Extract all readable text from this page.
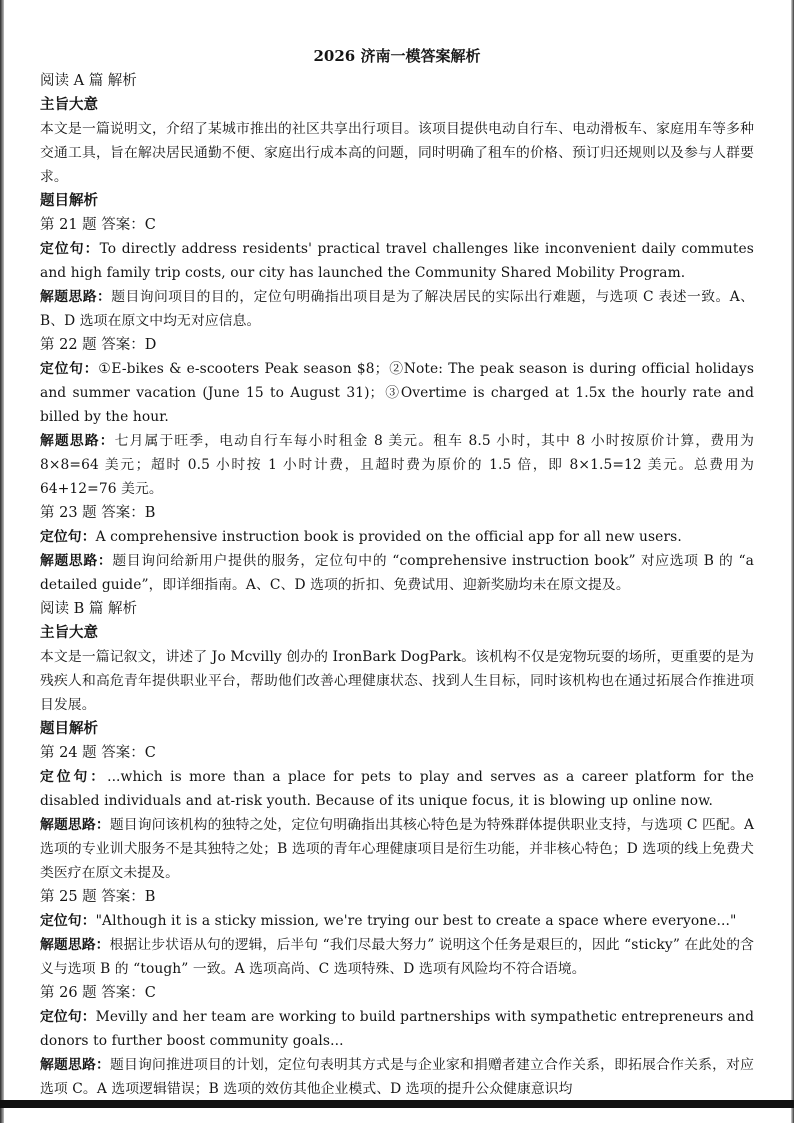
2026 济南一模答案解析
阅读 A 篇 解析
主旨大意

本文是一篇说明文，介绍了某城市推出的社区共享出行项目。该项目提供电动自行车、电动滑板车、家庭用车等多种交通工具，旨在解决居民通勤不便、家庭出行成本高的问题，同时明确了租车的价格、预订归还规则以及参与人群要求。

题目解析
第 21 题 答案：C

定位句：To directly address residents' practical travel challenges like inconvenient daily commutes and high family trip costs, our city has launched the Community Shared Mobility Program.

解题思路：题目询问项目的目的，定位句明确指出项目是为了解决居民的实际出行难题，与选项 C 表述一致。A、B、D 选项在原文中均无对应信息。

第 22 题 答案：D

定位句：①E-bikes & e-scooters Peak season $8；②Note: The peak season is during official holidays and summer vacation (June 15 to August 31)；③Overtime is charged at 1.5x the hourly rate and billed by the hour.

解题思路：七月属于旺季，电动自行车每小时租金 8 美元。租车 8.5 小时，其中 8 小时按原价计算，费用为 8×8=64 美元；超时 0.5 小时按 1 小时计费，且超时费为原价的 1.5 倍，即 8×1.5=12 美元。总费用为 64+12=76 美元。

第 23 题 答案：B

定位句：A comprehensive instruction book is provided on the official app for all new users.

解题思路：题目询问给新用户提供的服务，定位句中的 “comprehensive instruction book” 对应选项 B 的 “a detailed guide”，即详细指南。A、C、D 选项的折扣、免费试用、迎新奖励均未在原文提及。

阅读 B 篇 解析
主旨大意

本文是一篇记叙文，讲述了 Jo Mcvilly 创办的 IronBark DogPark。该机构不仅是宠物玩耍的场所，更重要的是为残疾人和高危青年提供职业平台，帮助他们改善心理健康状态、找到人生目标，同时该机构也在通过拓展合作推进项目发展。

题目解析
第 24 题 答案：C

定位句：...which is more than a place for pets to play and serves as a career platform for the disabled individuals and at-risk youth. Because of its unique focus, it is blowing up online now.

解题思路：题目询问该机构的独特之处，定位句明确指出其核心特色是为特殊群体提供职业支持，与选项 C 匹配。A 选项的专业训犬服务不是其独特之处；B 选项的青年心理健康项目是衍生功能，并非核心特色；D 选项的线上免费犬类医疗在原文未提及。

第 25 题 答案：B

定位句："Although it is a sticky mission, we're trying our best to create a space where everyone..."

解题思路：根据让步状语从句的逻辑，后半句 “我们尽最大努力” 说明这个任务是艰巨的，因此 “sticky” 在此处的含义与选项 B 的 “tough” 一致。A 选项高尚、C 选项特殊、D 选项有风险均不符合语境。

第 26 题 答案：C

定位句：Mevilly and her team are working to build partnerships with sympathetic entrepreneurs and donors to further boost community goals...

解题思路：题目询问推进项目的计划，定位句表明其方式是与企业家和捐赠者建立合作关系，即拓展合作关系，对应选项 C。A 选项逻辑错误；B 选项的效仿其他企业模式、D 选项的提升公众健康意识均
